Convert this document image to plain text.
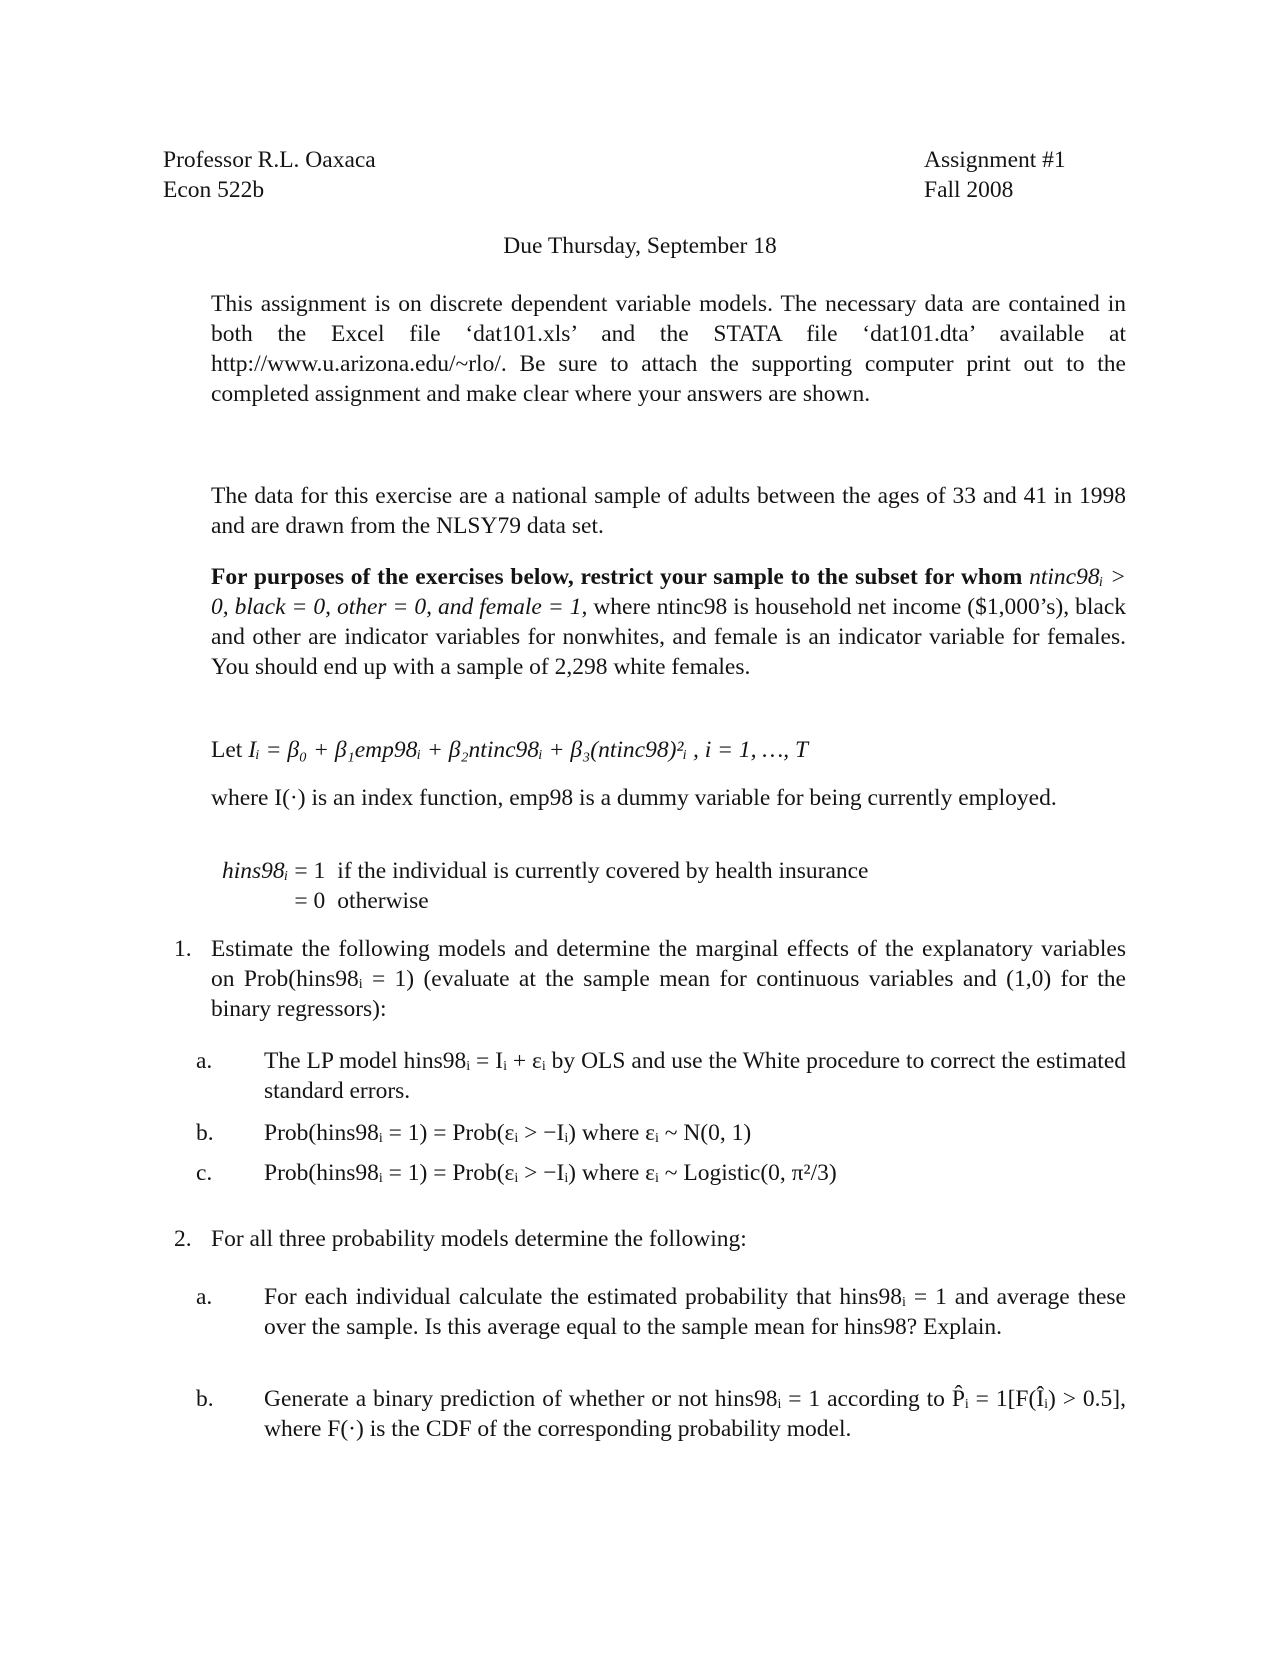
Professor R.L. Oaxaca
Econ 522b
Assignment #1
Fall 2008
Due Thursday, September 18
This assignment is on discrete dependent variable models. The necessary data are contained in both the Excel file ‘dat101.xls’ and the STATA file ‘dat101.dta’ available at http://www.u.arizona.edu/~rlo/. Be sure to attach the supporting computer print out to the completed assignment and make clear where your answers are shown.
The data for this exercise are a national sample of adults between the ages of 33 and 41 in 1998 and are drawn from the NLSY79 data set.
For purposes of the exercises below, restrict your sample to the subset for whom ntinc98ᵢ > 0, black = 0, other = 0, and female = 1, where ntinc98 is household net income ($1,000’s), black and other are indicator variables for nonwhites, and female is an indicator variable for females. You should end up with a sample of 2,298 white females.
Let Iᵢ = β₀ + β₁emp98ᵢ + β₂ntinc98ᵢ + β₃(ntinc98)²ᵢ , i = 1, …, T
where I(·) is an index function, emp98 is a dummy variable for being currently employed.
hins98ᵢ	= 1	if the individual is currently covered by health insurance
	= 0	otherwise
1. Estimate the following models and determine the marginal effects of the explanatory variables on Prob(hins98ᵢ = 1) (evaluate at the sample mean for continuous variables and (1,0) for the binary regressors):
a. The LP model hins98ᵢ = Iᵢ + εᵢ by OLS and use the White procedure to correct the estimated standard errors.
b. Prob(hins98ᵢ = 1) = Prob(εᵢ > −Iᵢ) where εᵢ ~ N(0, 1)
c. Prob(hins98ᵢ = 1) = Prob(εᵢ > −Iᵢ) where εᵢ ~ Logistic(0, π²/3)
2. For all three probability models determine the following:
a. For each individual calculate the estimated probability that hins98ᵢ = 1 and average these over the sample. Is this average equal to the sample mean for hins98? Explain.
b. Generate a binary prediction of whether or not hins98ᵢ = 1 according to P̂ᵢ = 1[F(Îᵢ) > 0.5], where F(·) is the CDF of the corresponding probability model.
